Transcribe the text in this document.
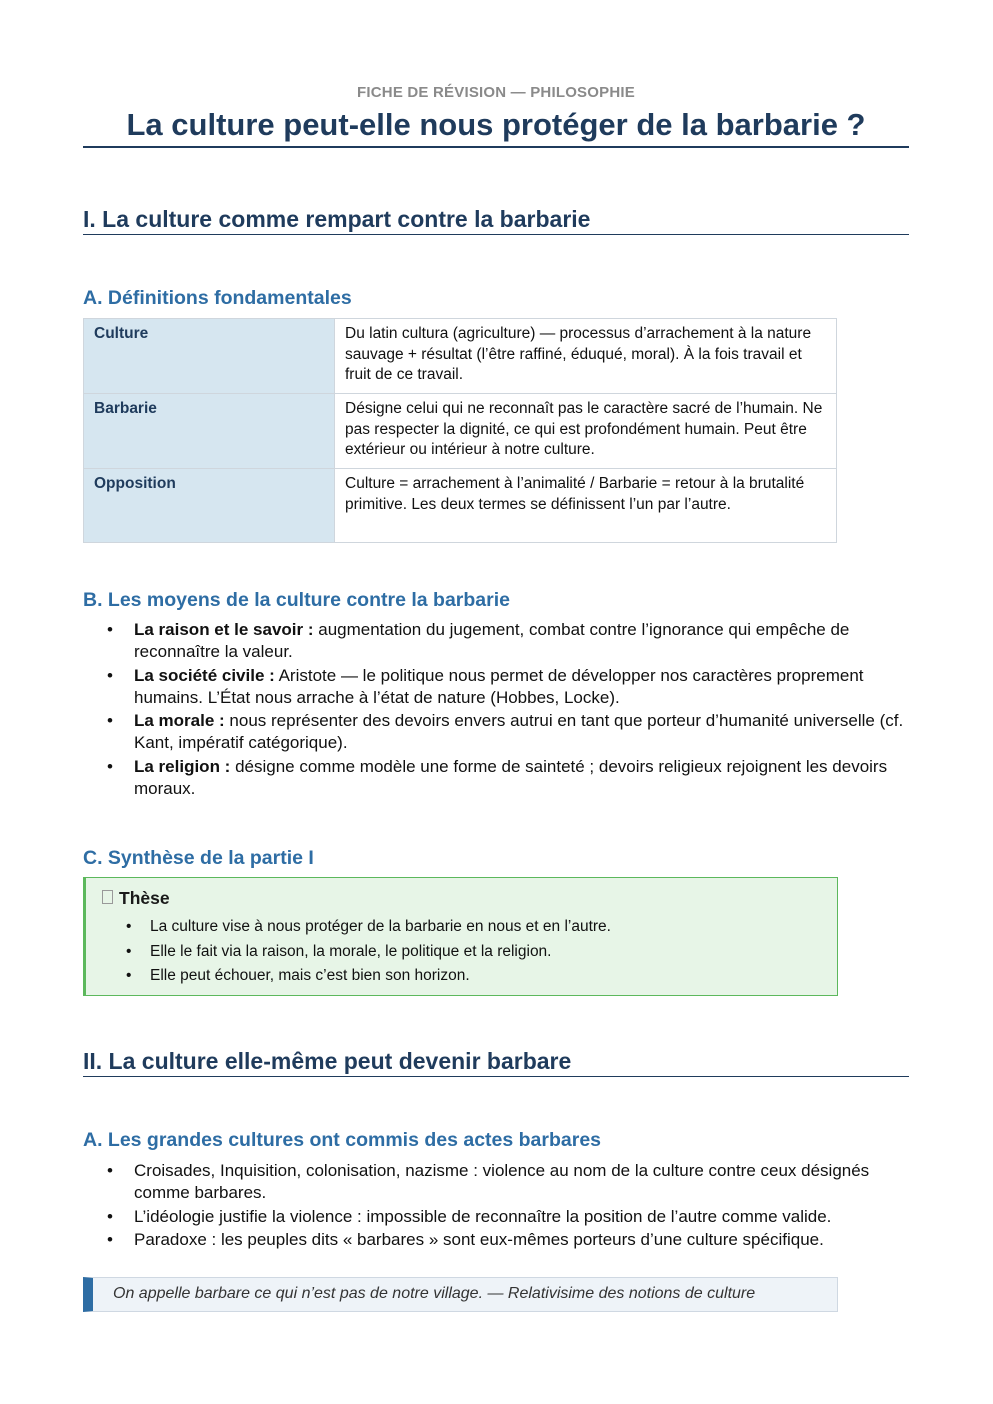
FICHE DE RÉVISION — PHILOSOPHIE
La culture peut-elle nous protéger de la barbarie ?
I. La culture comme rempart contre la barbarie
A. Définitions fondamentales
Culture	Du latin cultura (agriculture) — processus d’arrachement à la nature sauvage + résultat (l’être raffiné, éduqué, moral). À la fois travail et fruit de ce travail.
Barbarie	Désigne celui qui ne reconnaît pas le caractère sacré de l’humain. Ne pas respecter la dignité, ce qui est profondément humain. Peut être extérieur ou intérieur à notre culture.
Opposition	Culture = arrachement à l’animalité / Barbarie = retour à la brutalité primitive. Les deux termes se définissent l’un par l’autre.
B. Les moyens de la culture contre la barbarie
• La raison et le savoir : augmentation du jugement, combat contre l’ignorance qui empêche de reconnaître la valeur.
• La société civile : Aristote — le politique nous permet de développer nos caractères proprement humains. L’État nous arrache à l’état de nature (Hobbes, Locke).
• La morale : nous représenter des devoirs envers autrui en tant que porteur d’humanité universelle (cf. Kant, impératif catégorique).
• La religion : désigne comme modèle une forme de sainteté ; devoirs religieux rejoignent les devoirs moraux.
C. Synthèse de la partie I
Thèse
• La culture vise à nous protéger de la barbarie en nous et en l’autre.
• Elle le fait via la raison, la morale, le politique et la religion.
• Elle peut échouer, mais c’est bien son horizon.
II. La culture elle-même peut devenir barbare
A. Les grandes cultures ont commis des actes barbares
• Croisades, Inquisition, colonisation, nazisme : violence au nom de la culture contre ceux désignés comme barbares.
• L’idéologie justifie la violence : impossible de reconnaître la position de l’autre comme valide.
• Paradoxe : les peuples dits « barbares » sont eux-mêmes porteurs d’une culture spécifique.
On appelle barbare ce qui n’est pas de notre village. — Relativisime des notions de culture
